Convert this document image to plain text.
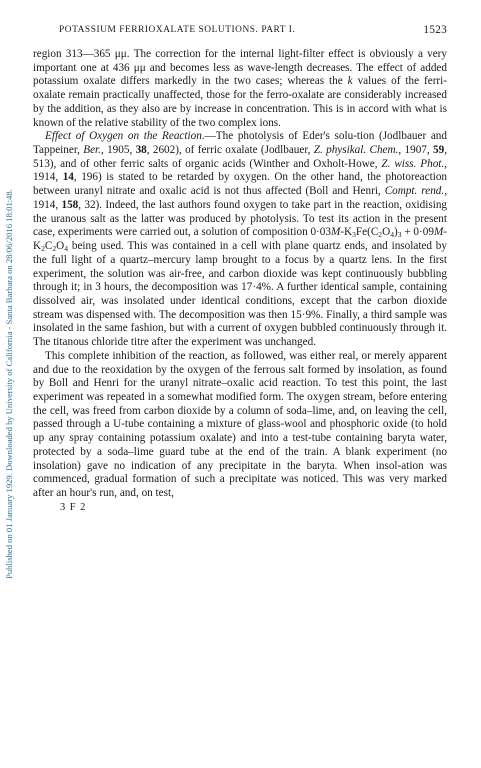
Published on 01 January 1929. Downloaded by University of California - Santa Barbara on 28/06/2016 18:01:48.
POTASSIUM FERRIOXALATE SOLUTIONS. PART I.	1523

region 313—365 μμ. The correction for the internal light-filter effect is obviously a very important one at 436 μμ and becomes less as wave-length decreases. The effect of added potassium oxalate differs markedly in the two cases; whereas the k values of the ferri-oxalate remain practically unaffected, those for the ferro-oxalate are considerably increased by the addition, as they also are by increase in concentration. This is in accord with what is known of the relative stability of the two complex ions.

Effect of Oxygen on the Reaction.—The photolysis of Eder's solu-tion (Jodlbauer and Tappeiner, Ber., 1905, 38, 2602), of ferric oxalate (Jodlbauer, Z. physikal. Chem., 1907, 59, 513), and of other ferric salts of organic acids (Winther and Oxholt-Howe, Z. wiss. Phot., 1914, 14, 196) is stated to be retarded by oxygen. On the other hand, the photoreaction between uranyl nitrate and oxalic acid is not thus affected (Boll and Henri, Compt. rend., 1914, 158, 32). Indeed, the last authors found oxygen to take part in the reaction, oxidising the uranous salt as the latter was produced by photolysis. To test its action in the present case, experiments were carried out, a solution of composition $0\cdot 03M-K_3Fe(C_2O_4)_3 + 0\cdot 09M-K_2C_2O_4$ being used. This was contained in a cell with plane quartz ends, and insolated by the full light of a quartz–mercury lamp brought to a focus by a quartz lens. In the first experiment, the solution was air-free, and carbon dioxide was kept continuously bubbling through it; in 3 hours, the decomposition was 17·4%. A further identical sample, containing dissolved air, was insolated under identical conditions, except that the carbon dioxide stream was dispensed with. The decomposition was then 15·9%. Finally, a third sample was insolated in the same fashion, but with a current of oxygen bubbled continuously through it. The titanous chloride titre after the experiment was unchanged.

This complete inhibition of the reaction, as followed, was either real, or merely apparent and due to the reoxidation by the oxygen of the ferrous salt formed by insolation, as found by Boll and Henri for the uranyl nitrate–oxalic acid reaction. To test this point, the last experiment was repeated in a somewhat modified form. The oxygen stream, before entering the cell, was freed from carbon dioxide by a column of soda–lime, and, on leaving the cell, passed through a U-tube containing a mixture of glass-wool and phosphoric oxide (to hold up any spray containing potassium oxalate) and into a test-tube containing baryta water, protected by a soda–lime guard tube at the end of the train. A blank experiment (no insolation) gave no indication of any precipitate in the baryta. When insol-ation was commenced, gradual formation of such a precipitate was noticed. This was very marked after an hour's run, and, on test,

3 F 2
